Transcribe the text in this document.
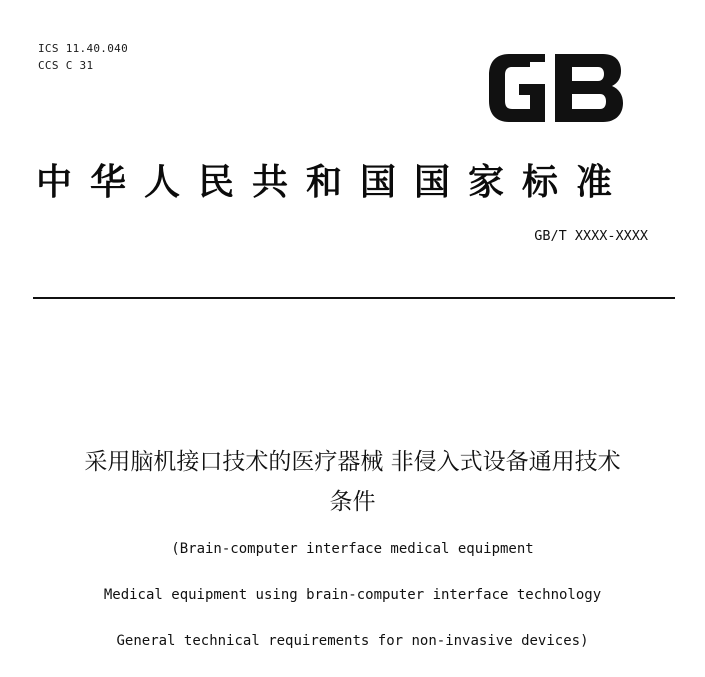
ICS 11.40.040
CCS C 31
中华人民共和国国家标准
GB/T XXXX-XXXX
采用脑机接口技术的医疗器械 非侵入式设备通用技术
条件
(Brain-computer interface medical equipment
Medical equipment using brain-computer interface technology
General technical requirements for non-invasive devices)
